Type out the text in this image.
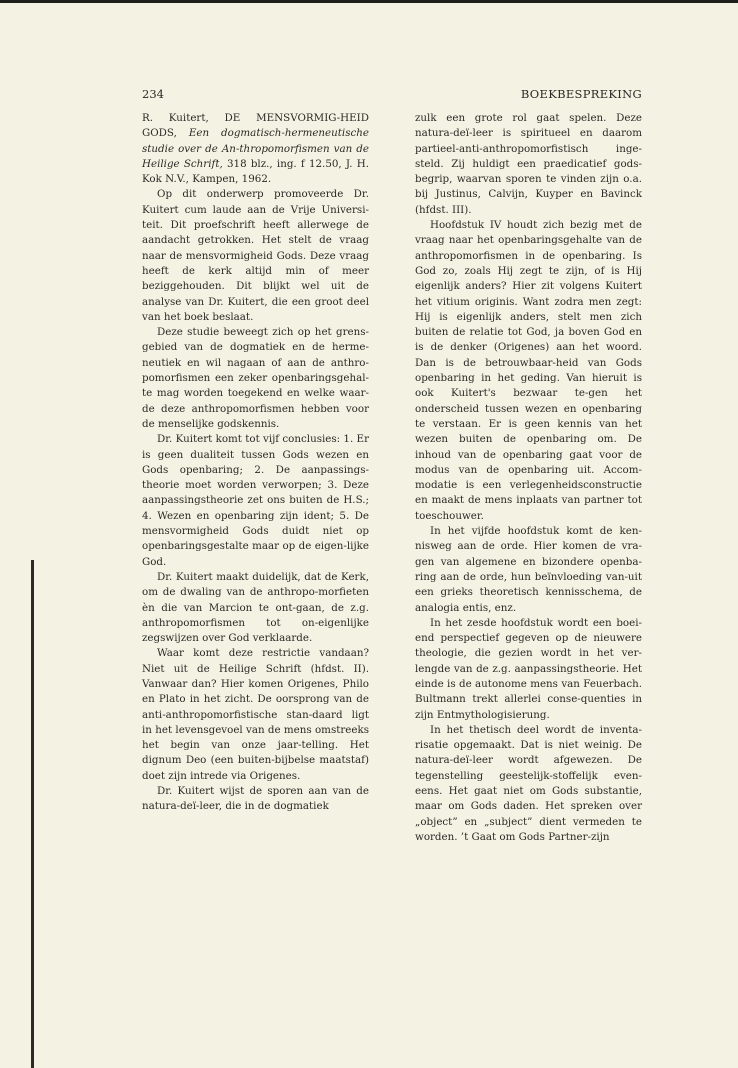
234	BOEKBESPREKING

R. Kuitert, DE MENSVORMIG-HEID GODS, Een dogmatisch-hermeneutische studie over de An-thropomorfismen van de Heilige Schrift, 318 blz., ing. f 12.50, J. H. Kok N.V., Kampen, 1962.

Op dit onderwerp promoveerde Dr. Kuitert cum laude aan de Vrije Universi-teit. Dit proefschrift heeft allerwege de aandacht getrokken. Het stelt de vraag naar de mensvormigheid Gods. Deze vraag heeft de kerk altijd min of meer beziggehouden. Dit blijkt wel uit de analyse van Dr. Kuitert, die een groot deel van het boek beslaat.

Deze studie beweegt zich op het grens-gebied van de dogmatiek en de herme-neutiek en wil nagaan of aan de anthro-pomorfismen een zeker openbaringsgehal-te mag worden toegekend en welke waar-de deze anthropomorfismen hebben voor de menselijke godskennis.

Dr. Kuitert komt tot vijf conclusies: 1. Er is geen dualiteit tussen Gods wezen en Gods openbaring; 2. De aanpassings-theorie moet worden verworpen; 3. Deze aanpassingstheorie zet ons buiten de H.S.; 4. Wezen en openbaring zijn ident; 5. De mensvormigheid Gods duidt niet op openbaringsgestalte maar op de eigen-lijke God.

Dr. Kuitert maakt duidelijk, dat de Kerk, om de dwaling van de anthropo-morfieten èn die van Marcion te ont-gaan, de z.g. anthropomorfismen tot on-eigenlijke zegswijzen over God verklaarde.

Waar komt deze restrictie vandaan? Niet uit de Heilige Schrift (hfdst. II). Vanwaar dan? Hier komen Origenes, Philo en Plato in het zicht. De oorsprong van de anti-anthropomorfistische stan-daard ligt in het levensgevoel van de mens omstreeks het begin van onze jaar-telling. Het dignum Deo (een buiten-bijbelse maatstaf) doet zijn intrede via Origenes.

Dr. Kuitert wijst de sporen aan van de natura-deï-leer, die in de dogmatiek

zulk een grote rol gaat spelen. Deze natura-deï-leer is spiritueel en daarom partieel-anti-anthropomorfistisch inge-steld. Zij huldigt een praedicatief gods-begrip, waarvan sporen te vinden zijn o.a. bij Justinus, Calvijn, Kuyper en Bavinck (hfdst. III).

Hoofdstuk IV houdt zich bezig met de vraag naar het openbaringsgehalte van de anthropomorfismen in de openbaring. Is God zo, zoals Hij zegt te zijn, of is Hij eigenlijk anders? Hier zit volgens Kuitert het vitium originis. Want zodra men zegt: Hij is eigenlijk anders, stelt men zich buiten de relatie tot God, ja boven God en is de denker (Origenes) aan het woord. Dan is de betrouwbaar-heid van Gods openbaring in het geding. Van hieruit is ook Kuitert's bezwaar te-gen het onderscheid tussen wezen en openbaring te verstaan. Er is geen kennis van het wezen buiten de openbaring om. De inhoud van de openbaring gaat voor de modus van de openbaring uit. Accom-modatie is een verlegenheidsconstructie en maakt de mens inplaats van partner tot toeschouwer.

In het vijfde hoofdstuk komt de ken-nisweg aan de orde. Hier komen de vra-gen van algemene en bizondere openba-ring aan de orde, hun beïnvloeding van-uit een grieks theoretisch kennisschema, de analogia entis, enz.

In het zesde hoofdstuk wordt een boei-end perspectief gegeven op de nieuwere theologie, die gezien wordt in het ver-lengde van de z.g. aanpassingstheorie. Het einde is de autonome mens van Feuerbach. Bultmann trekt allerlei conse-quenties in zijn Entmythologisierung.

In het thetisch deel wordt de inventa-risatie opgemaakt. Dat is niet weinig. De natura-deï-leer wordt afgewezen. De tegenstelling geestelijk-stoffelijk even-eens. Het gaat niet om Gods substantie, maar om Gods daden. Het spreken over „object” en „subject” dient vermeden te worden. ’t Gaat om Gods Partner-zijn
